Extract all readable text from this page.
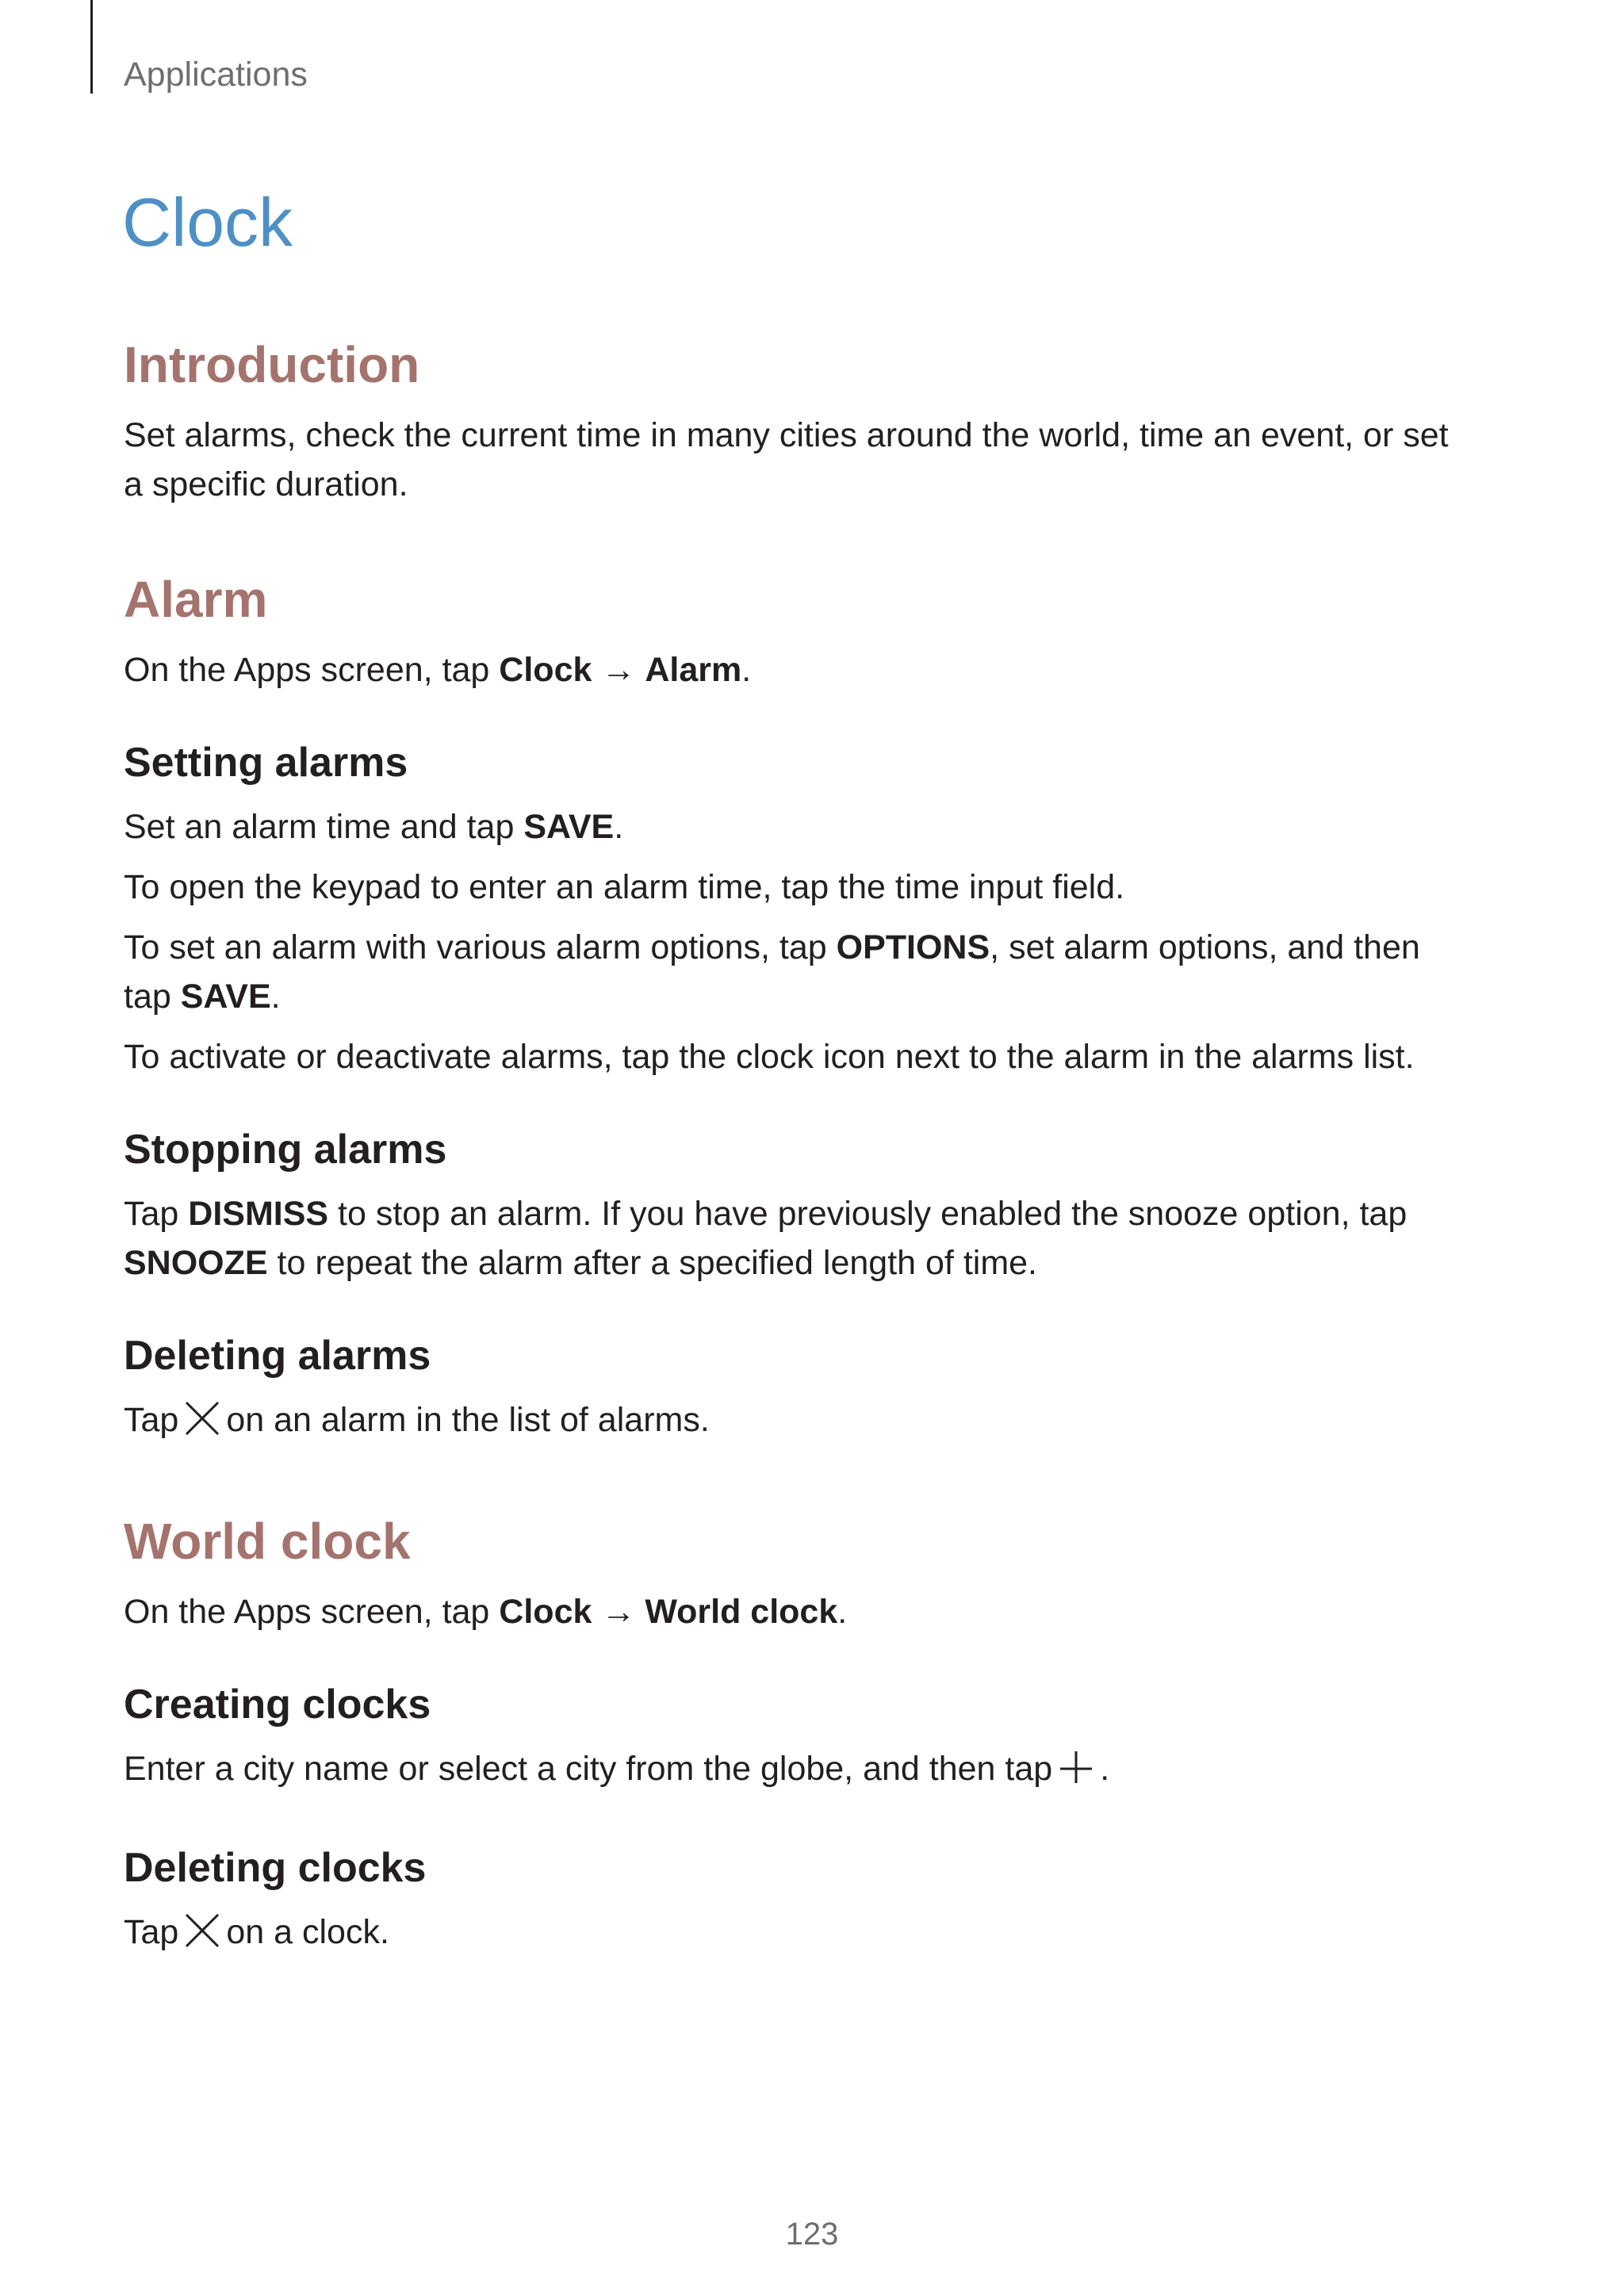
Applications
Clock
Introduction

Set alarms, check the current time in many cities around the world, time an event, or set a specific duration.

Alarm

On the Apps screen, tap Clock → Alarm.

Setting alarms

Set an alarm time and tap SAVE.

To open the keypad to enter an alarm time, tap the time input field.

To set an alarm with various alarm options, tap OPTIONS, set alarm options, and then tap SAVE.

To activate or deactivate alarms, tap the clock icon next to the alarm in the alarms list.

Stopping alarms

Tap DISMISS to stop an alarm. If you have previously enabled the snooze option, tap SNOOZE to repeat the alarm after a specified length of time.

Deleting alarms

Tap on an alarm in the list of alarms.

World clock

On the Apps screen, tap Clock → World clock.

Creating clocks

Enter a city name or select a city from the globe, and then tap .

Deleting clocks

Tap on a clock.

123
